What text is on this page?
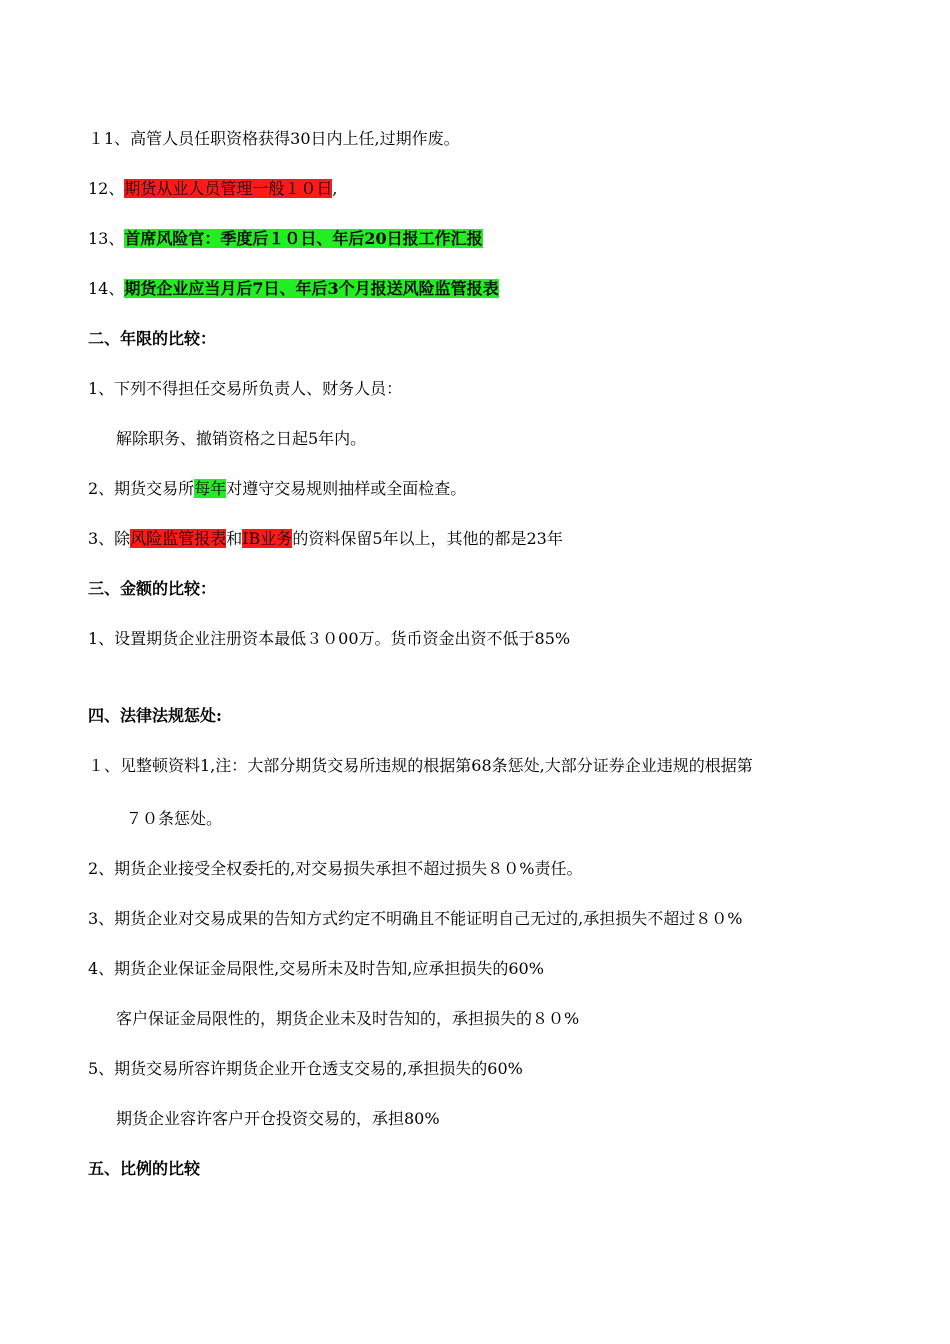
１1、高管人员任职资格获得30日内上任,过期作废。
12、期货从业人员管理一般１０日,
13、首席风险官：季度后１０日、年后20日报工作汇报
14、期货企业应当月后7日、年后3个月报送风险监管报表
二、年限的比较：
1、下列不得担任交易所负责人、财务人员：
解除职务、撤销资格之日起5年内。
2、期货交易所每年对遵守交易规则抽样或全面检查。
3、除风险监管报表和IB业务的资料保留5年以上，其他的都是23年
三、金额的比较：
1、设置期货企业注册资本最低３０00万。货币资金出资不低于85%
四、法律法规惩处:
１、见整顿资料1,注：大部分期货交易所违规的根据第68条惩处,大部分证券企业违规的根据第
７０条惩处。
2、期货企业接受全权委托的,对交易损失承担不超过损失８０%责任。
3、期货企业对交易成果的告知方式约定不明确且不能证明自己无过的,承担损失不超过８０%
4、期货企业保证金局限性,交易所未及时告知,应承担损失的60%
客户保证金局限性的，期货企业未及时告知的，承担损失的８０%
5、期货交易所容许期货企业开仓透支交易的,承担损失的60%
期货企业容许客户开仓投资交易的，承担80%
五、比例的比较
